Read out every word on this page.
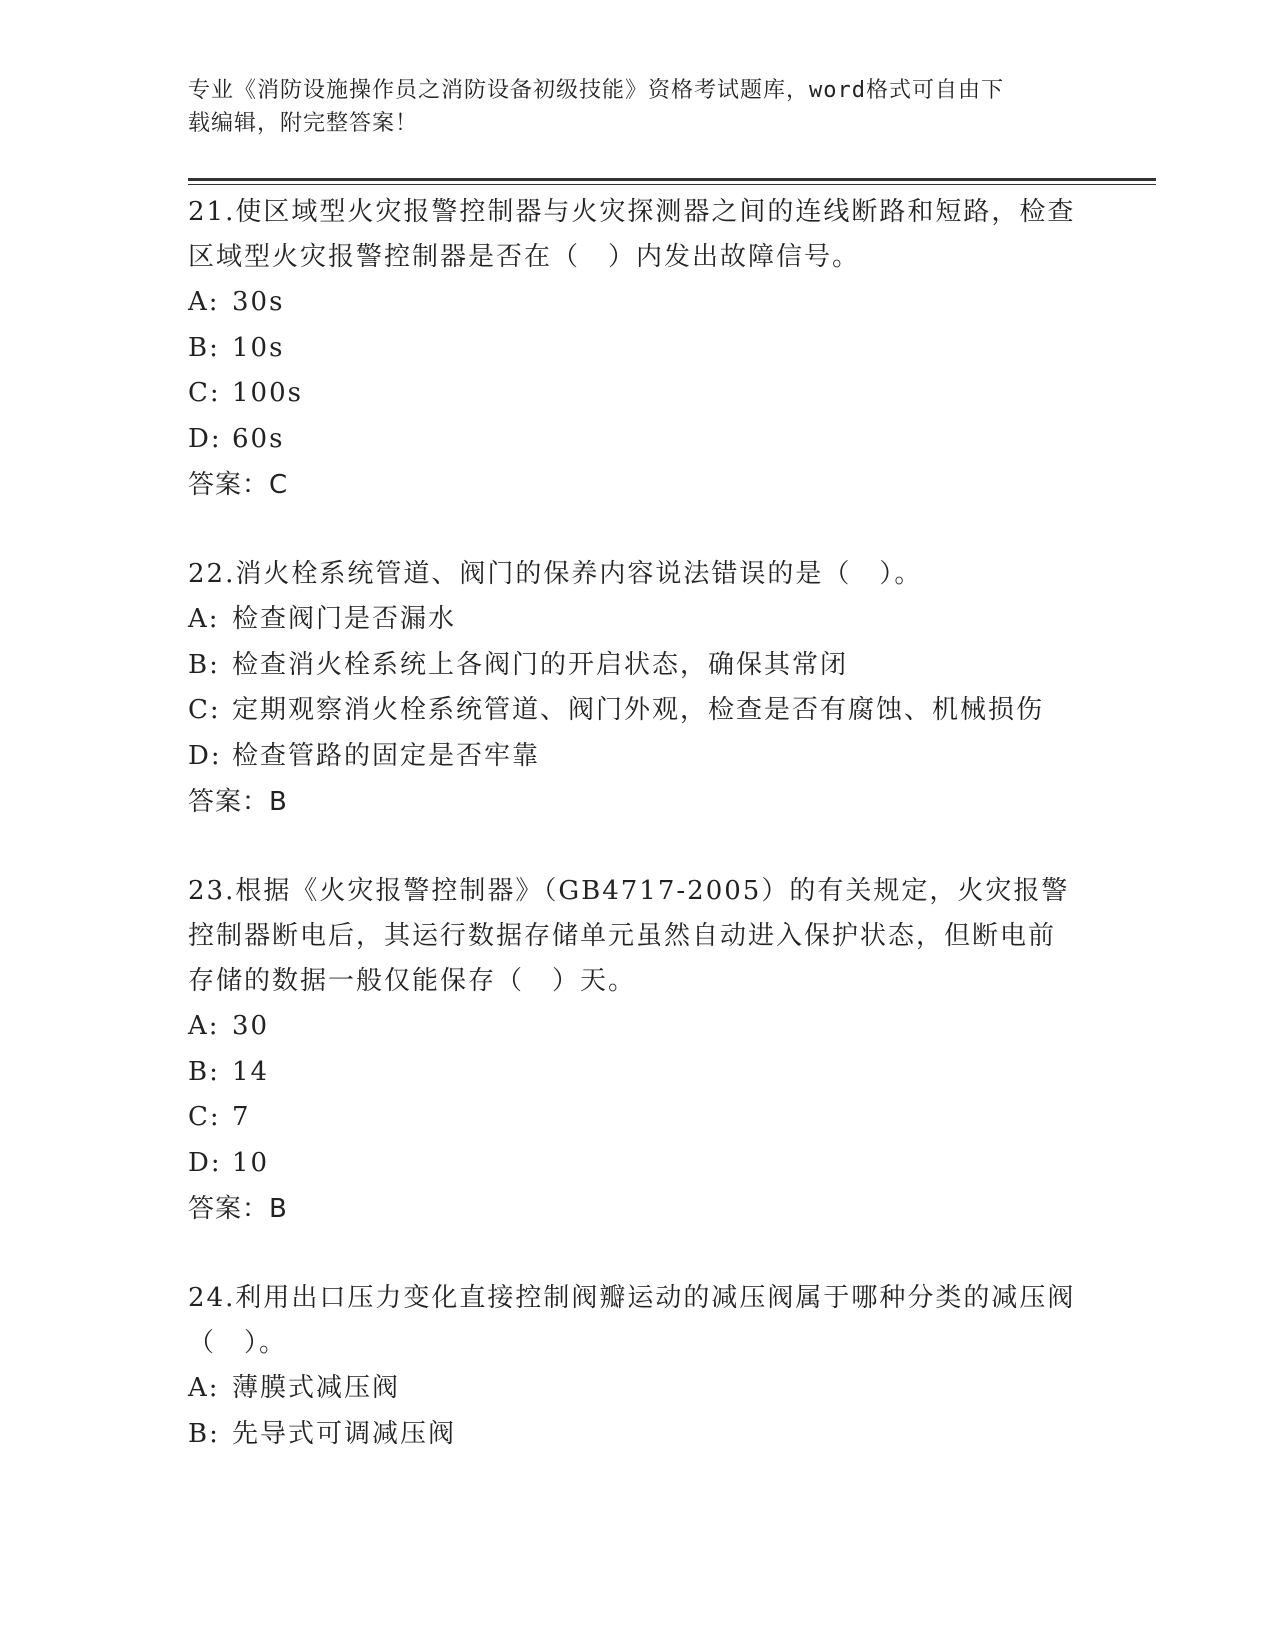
专业《消防设施操作员之消防设备初级技能》资格考试题库，word格式可自由下
载编辑，附完整答案！
21.使区域型火灾报警控制器与火灾探测器之间的连线断路和短路，检查区域型火灾报警控制器是否在（　）内发出故障信号。
A: 30s
B: 10s
C: 100s
D: 60s
答案：C
22.消火栓系统管道、阀门的保养内容说法错误的是（　）。
A: 检查阀门是否漏水
B: 检查消火栓系统上各阀门的开启状态，确保其常闭
C: 定期观察消火栓系统管道、阀门外观，检查是否有腐蚀、机械损伤
D: 检查管路的固定是否牢靠
答案：B
23.根据《火灾报警控制器》（GB4717-2005）的有关规定，火灾报警控制器断电后，其运行数据存储单元虽然自动进入保护状态，但断电前存储的数据一般仅能保存（　）天。
A: 30
B: 14
C: 7
D: 10
答案：B
24.利用出口压力变化直接控制阀瓣运动的减压阀属于哪种分类的减压阀（　）。
A: 薄膜式减压阀
B: 先导式可调减压阀
